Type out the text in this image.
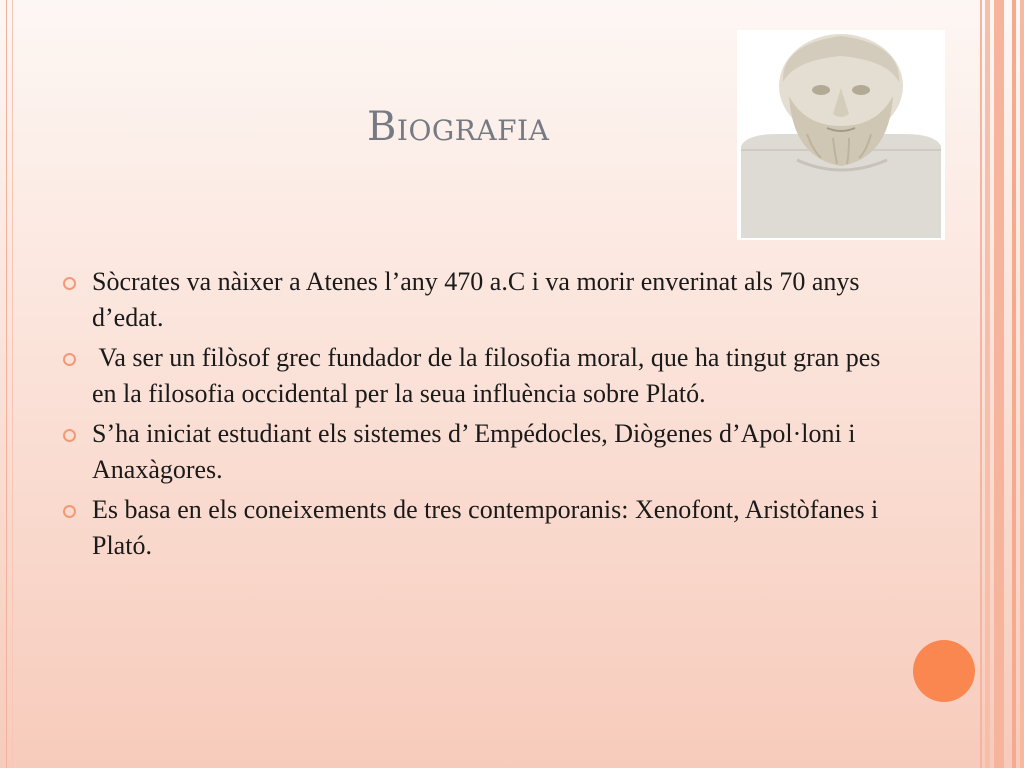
Biografia
Sòcrates va nàixer a Atenes l’any 470 a.C i va morir enverinat als 70 anys d’edat.
Va ser un filòsof grec fundador de la filosofia moral, que ha tingut gran pes en la filosofia occidental per la seua influència sobre Plató.
S’ha iniciat estudiant els sistemes d’ Empédocles, Diògenes d’Apol·loni i  Anaxàgores.
Es basa en els coneixements de tres contemporanis: Xenofont, Aristòfanes i Plató.
